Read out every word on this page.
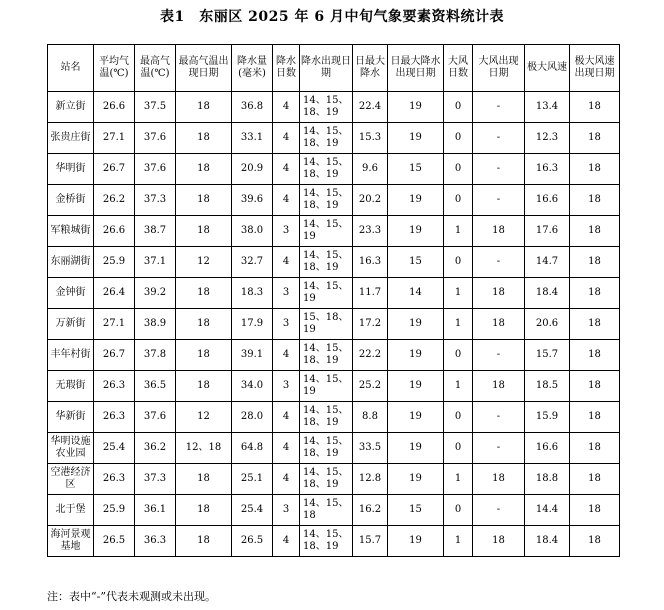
表1　东丽区 2025 年 6 月中旬气象要素资料统计表
站名	平均气温(℃)	最高气温(℃)	最高气温出现日期	降水量(毫米)	降水日数	降水出现日期	日最大降水	日最大降水出现日期	大风日数	大风出现日期	极大风速	极大风速出现日期
新立街	26.6	37.5	18	36.8	4	14、15、18、19	22.4	19	0	-	13.4	18
张贵庄街	27.1	37.6	18	33.1	4	14、15、18、19	15.3	19	0	-	12.3	18
华明街	26.7	37.6	18	20.9	4	14、15、18、19	9.6	15	0	-	16.3	18
金桥街	26.2	37.3	18	39.6	4	14、15、18、19	20.2	19	0	-	16.6	18
军粮城街	26.6	38.7	18	38.0	3	14、15、19	23.3	19	1	18	17.6	18
东丽湖街	25.9	37.1	12	32.7	4	14、15、18、19	16.3	15	0	-	14.7	18
金钟街	26.4	39.2	18	18.3	3	14、15、19	11.7	14	1	18	18.4	18
万新街	27.1	38.9	18	17.9	3	15、18、19	17.2	19	1	18	20.6	18
丰年村街	26.7	37.8	18	39.1	4	14、15、18、19	22.2	19	0	-	15.7	18
无瑕街	26.3	36.5	18	34.0	3	14、15、19	25.2	19	1	18	18.5	18
华新街	26.3	37.6	12	28.0	4	14、15、18、19	8.8	19	0	-	15.9	18
华明设施农业园	25.4	36.2	12、18	64.8	4	14、15、18、19	33.5	19	0	-	16.6	18
空港经济区	26.3	37.3	18	25.1	4	14、15、18、19	12.8	19	1	18	18.8	18
北于堡	25.9	36.1	18	25.4	3	14、15、18	16.2	15	0	-	14.4	18
海河景观基地	26.5	36.3	18	26.5	4	14、15、18、19	15.7	19	1	18	18.4	18
注：表中“-”代表未观测或未出现。
